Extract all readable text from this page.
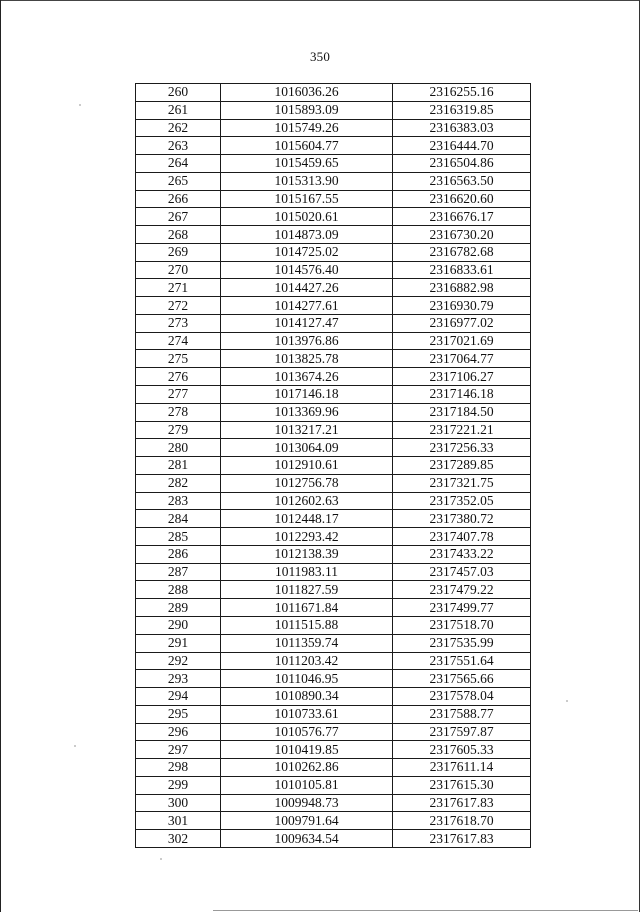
350
260	1016036.26	2316255.16
261	1015893.09	2316319.85
262	1015749.26	2316383.03
263	1015604.77	2316444.70
264	1015459.65	2316504.86
265	1015313.90	2316563.50
266	1015167.55	2316620.60
267	1015020.61	2316676.17
268	1014873.09	2316730.20
269	1014725.02	2316782.68
270	1014576.40	2316833.61
271	1014427.26	2316882.98
272	1014277.61	2316930.79
273	1014127.47	2316977.02
274	1013976.86	2317021.69
275	1013825.78	2317064.77
276	1013674.26	2317106.27
277	1017146.18	2317146.18
278	1013369.96	2317184.50
279	1013217.21	2317221.21
280	1013064.09	2317256.33
281	1012910.61	2317289.85
282	1012756.78	2317321.75
283	1012602.63	2317352.05
284	1012448.17	2317380.72
285	1012293.42	2317407.78
286	1012138.39	2317433.22
287	1011983.11	2317457.03
288	1011827.59	2317479.22
289	1011671.84	2317499.77
290	1011515.88	2317518.70
291	1011359.74	2317535.99
292	1011203.42	2317551.64
293	1011046.95	2317565.66
294	1010890.34	2317578.04
295	1010733.61	2317588.77
296	1010576.77	2317597.87
297	1010419.85	2317605.33
298	1010262.86	2317611.14
299	1010105.81	2317615.30
300	1009948.73	2317617.83
301	1009791.64	2317618.70
302	1009634.54	2317617.83
